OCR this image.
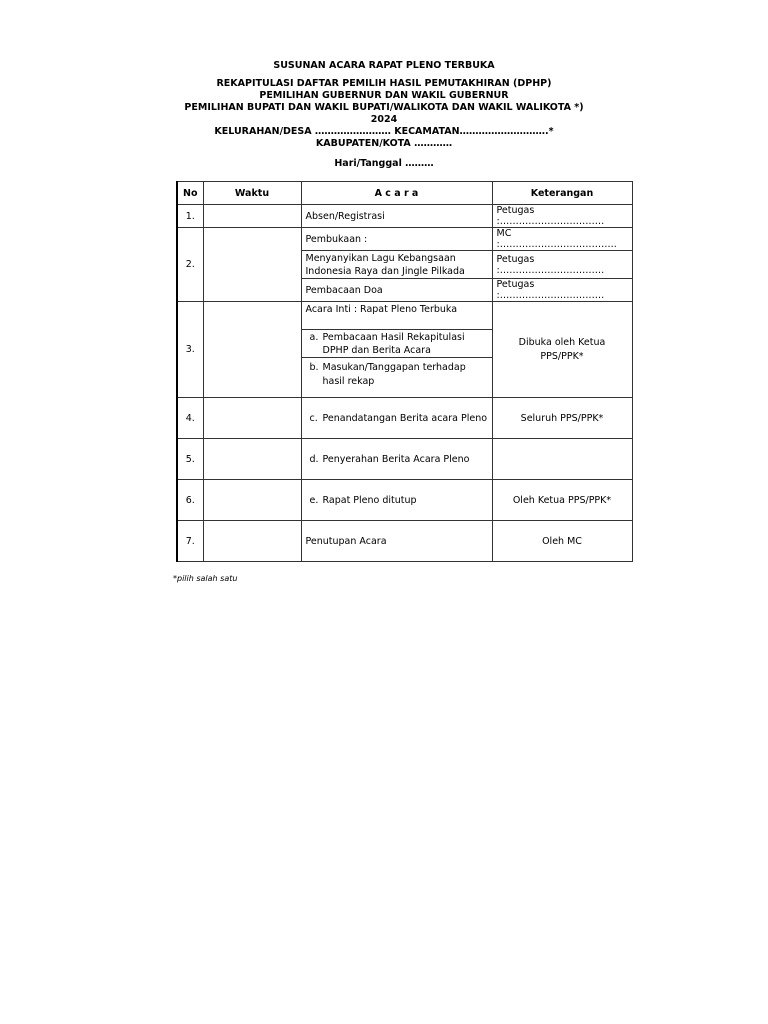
SUSUNAN ACARA RAPAT PLENO TERBUKA
REKAPITULASI DAFTAR PEMILIH HASIL PEMUTAKHIRAN (DPHP)
PEMILIHAN GUBERNUR DAN WAKIL GUBERNUR
PEMILIHAN BUPATI DAN WAKIL BUPATI/WALIKOTA DAN WAKIL WALIKOTA *)
2024
KELURAHAN/DESA …………………… KECAMATAN……………………….*
KABUPATEN/KOTA …………
Hari/Tanggal ………
No	Waktu	A c a r a	Keterangan
1.		Absen/Registrasi	Petugas :……………………………
2.		Pembukaan :	MC :……………………………….
		Menyanyikan Lagu Kebangsaan Indonesia Raya dan Jingle Pilkada	Petugas :……………………………
		Pembacaan Doa	Petugas :……………………………
3.		Acara Inti : Rapat Pleno Terbuka	Dibuka oleh Ketua PPS/PPK*

		a. Pembacaan Hasil Rekapitulasi DPHP dan Berita Acara	

		b. Masukan/Tanggapan terhadap hasil rekap	

4.		c. Penandatangan Berita acara Pleno	Seluruh PPS/PPK*
5.		d. Penyerahan Berita Acara Pleno	

6.		e. Rapat Pleno ditutup	Oleh Ketua PPS/PPK*
7.		Penutupan Acara	Oleh MC
*pilih salah satu
